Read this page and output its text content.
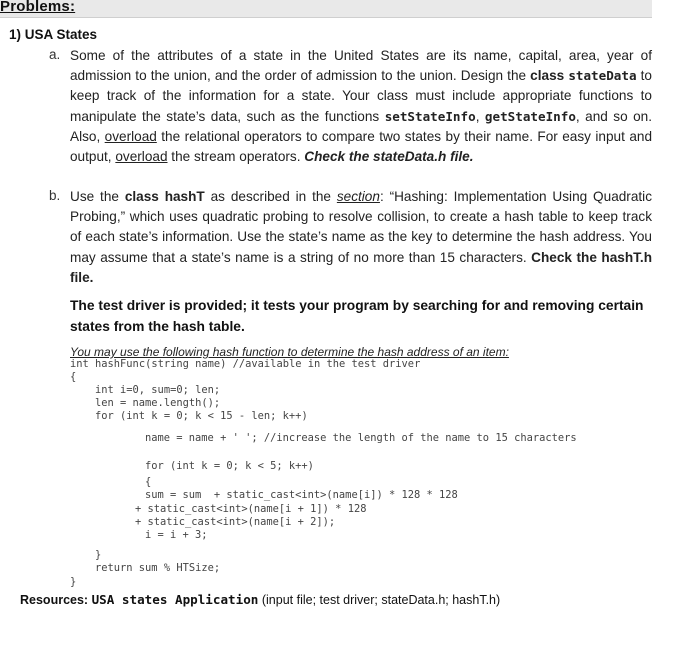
Problems:
1) USA States
a. Some of the attributes of a state in the United States are its name, capital, area, year of admission to the union, and the order of admission to the union. Design the class stateData to keep track of the information for a state. Your class must include appropriate functions to manipulate the state’s data, such as the functions setStateInfo, getStateInfo, and so on. Also, overload the relational operators to compare two states by their name. For easy input and output, overload the stream operators. Check the stateData.h file.
b. Use the class hashT as described in the section: “Hashing: Implementation Using Quadratic Probing,” which uses quadratic probing to resolve collision, to create a hash table to keep track of each state’s information. Use the state’s name as the key to determine the hash address. You may assume that a state’s name is a string of no more than 15 characters. Check the hashT.h file.
The test driver is provided; it tests your program by searching for and removing certain states from the hash table.
You may use the following hash function to determine the hash address of an item:
int hashFunc(string name) //available in the test driver
{
int i=0, sum=0; len;
len = name.length();
for (int k = 0; k < 15 - len; k++)
name = name + ' '; //increase the length of the name to 15 characters
for (int k = 0; k < 5; k++)
{
sum = sum  + static_cast<int>(name[i]) * 128 * 128
+ static_cast<int>(name[i + 1]) * 128
+ static_cast<int>(name[i + 2]);
i = i + 3;
}
return sum % HTSize;
}
Resources: USA states Application (input file; test driver; stateData.h; hashT.h)
